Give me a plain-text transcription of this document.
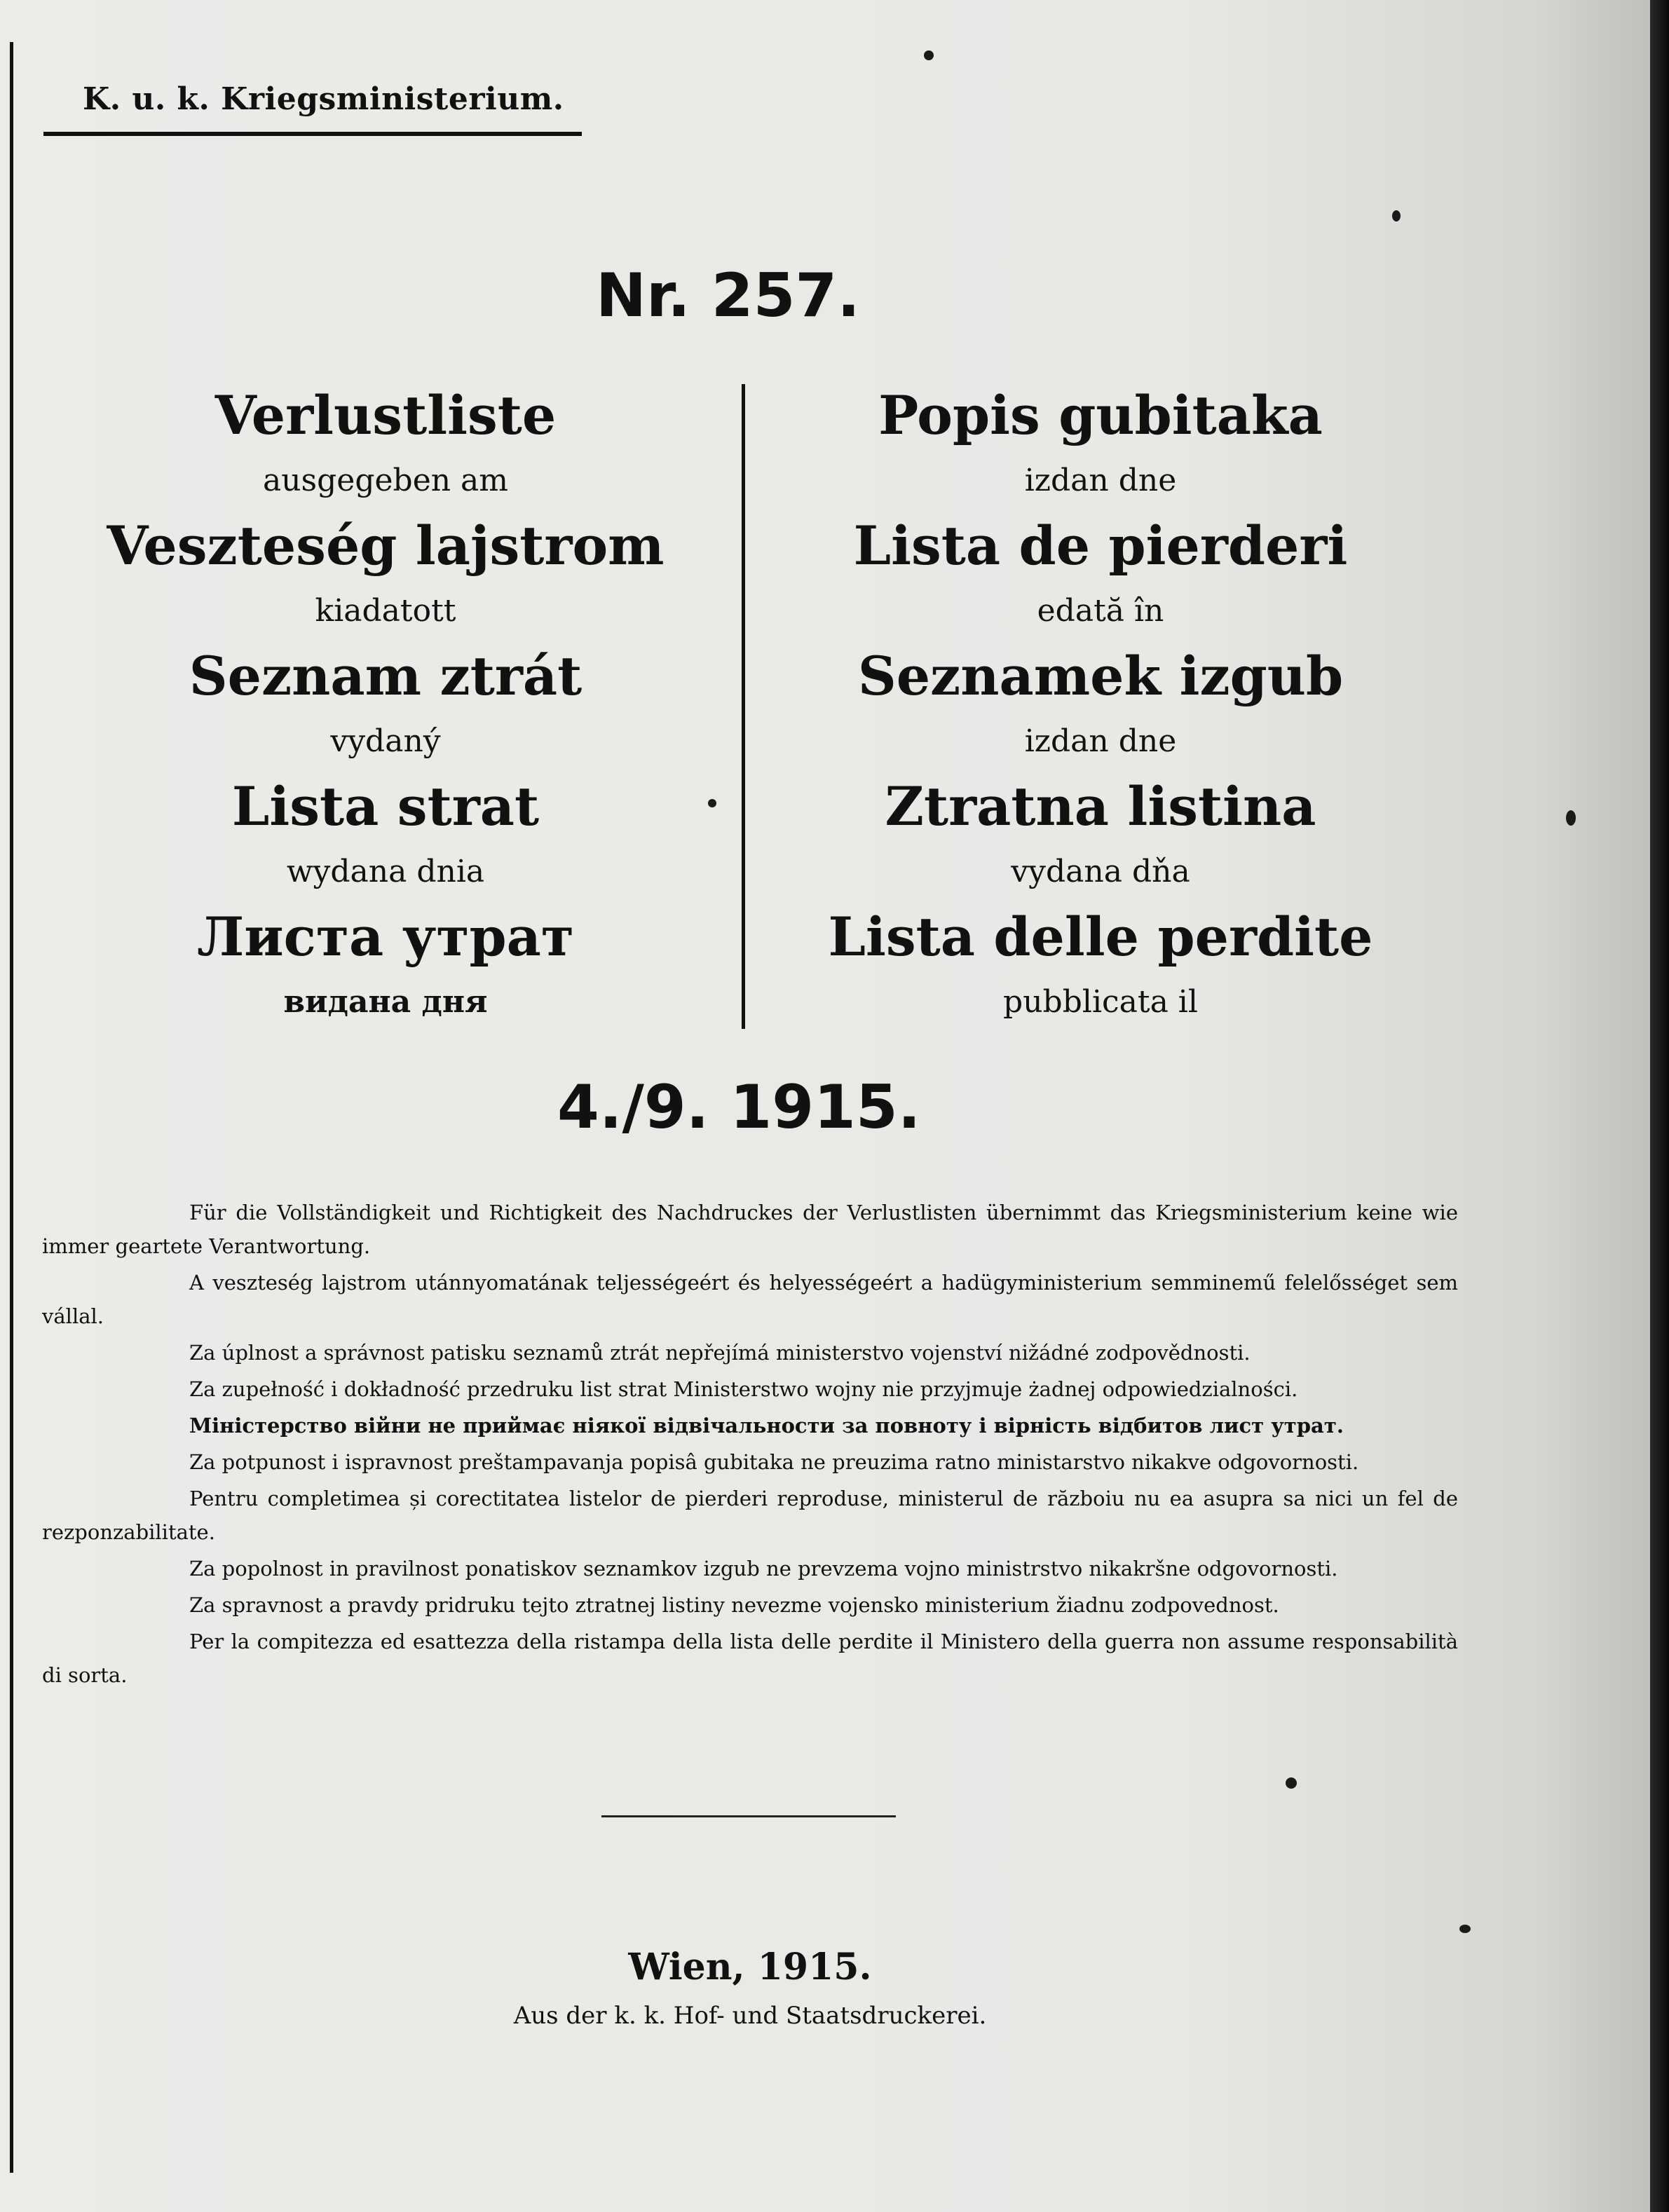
K. u. k. Kriegsministerium.
Nr. 257.
Verlustliste
ausgegeben am
Veszteség lajstrom
kiadatott
Seznam ztrát
vydaný
Lista strat
wydana dnia
Листа утрат
видана дня
Popis gubitaka
izdan dne
Lista de pierderi
edată în
Seznamek izgub
izdan dne
Ztratna listina
vydana dňa
Lista delle perdite
pubblicata il
4./9. 1915.

Für die Vollständigkeit und Richtigkeit des Nachdruckes der Verlustlisten übernimmt das Kriegsministerium keine wie immer geartete Verantwortung.

A veszteség lajstrom utánnyomatának teljességeért és helyességeért a hadügyministerium semminemű felelősséget sem vállal.

Za úplnost a správnost patisku seznamů ztrát nepřejímá ministerstvo vojenství nižádné zodpovědnosti.

Za zupełność i dokładność przedruku list strat Ministerstwo wojny nie przyjmuje żadnej odpowiedzialności.

Міністерство війни не приймає ніякої відвічальности за повноту і вірність відбитов лист утрат.

Za potpunost i ispravnost preštampavanja popisâ gubitaka ne preuzima ratno ministarstvo nikakve odgovornosti.

Pentru completimea și corectitatea listelor de pierderi reproduse, ministerul de războiu nu ea asupra sa nici un fel de rezponzabilitate.

Za popolnost in pravilnost ponatiskov seznamkov izgub ne prevzema vojno ministrstvo nikakršne odgovornosti.

Za spravnost a pravdy pridruku tejto ztratnej listiny nevezme vojensko ministerium žiadnu zodpovednost.

Per la compitezza ed esattezza della ristampa della lista delle perdite il Ministero della guerra non assume responsabilità di sorta.

Wien, 1915.
Aus der k. k. Hof- und Staatsdruckerei.
